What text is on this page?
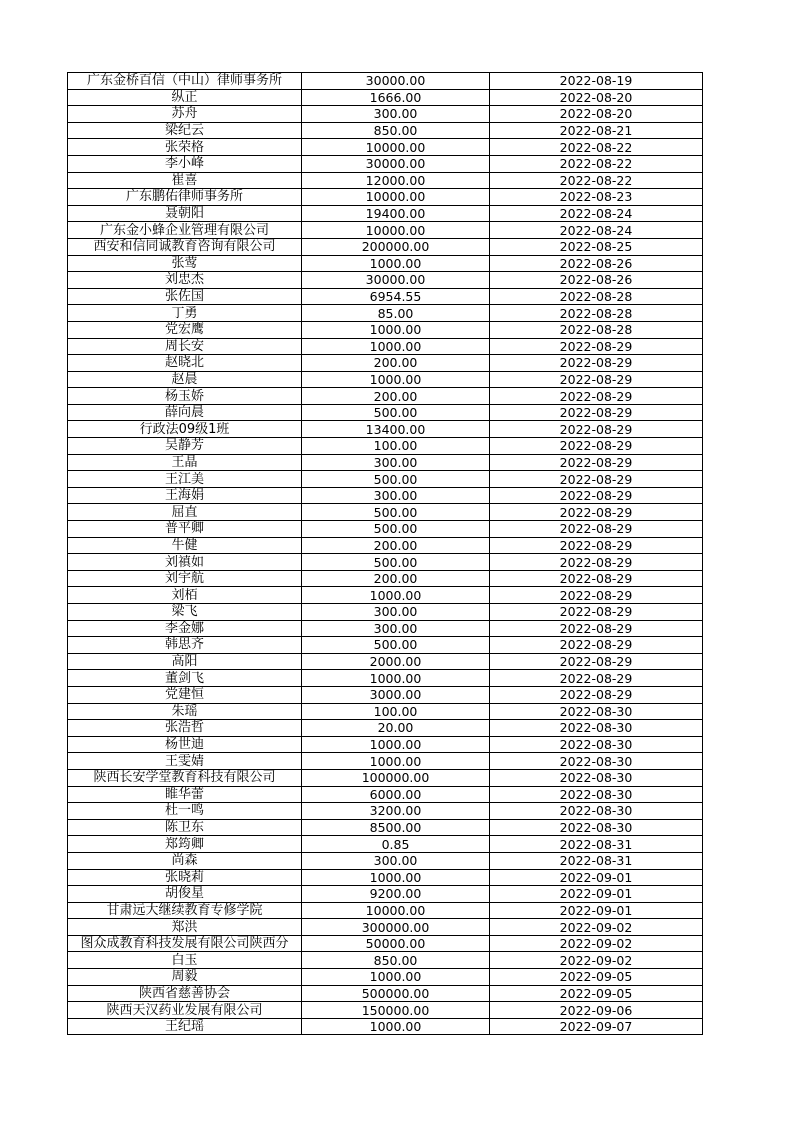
广东金桥百信（中山）律师事务所	30000.00	2022-08-19
纵正	1666.00	2022-08-20
苏舟	300.00	2022-08-20
梁纪云	850.00	2022-08-21
张荣格	10000.00	2022-08-22
李小峰	30000.00	2022-08-22
崔喜	12000.00	2022-08-22
广东鹏佑律师事务所	10000.00	2022-08-23
聂朝阳	19400.00	2022-08-24
广东金小蜂企业管理有限公司	10000.00	2022-08-24
西安和信同诚教育咨询有限公司	200000.00	2022-08-25
张莺	1000.00	2022-08-26
刘忠杰	30000.00	2022-08-26
张佐国	6954.55	2022-08-28
丁勇	85.00	2022-08-28
党宏鹰	1000.00	2022-08-28
周长安	1000.00	2022-08-29
赵晓北	200.00	2022-08-29
赵晨	1000.00	2022-08-29
杨玉娇	200.00	2022-08-29
薛向晨	500.00	2022-08-29
行政法09级1班	13400.00	2022-08-29
吴静芳	100.00	2022-08-29
王晶	300.00	2022-08-29
王江美	500.00	2022-08-29
王海娟	300.00	2022-08-29
屈直	500.00	2022-08-29
普平卿	500.00	2022-08-29
牛健	200.00	2022-08-29
刘禛如	500.00	2022-08-29
刘宇航	200.00	2022-08-29
刘栢	1000.00	2022-08-29
梁飞	300.00	2022-08-29
李金娜	300.00	2022-08-29
韩思齐	500.00	2022-08-29
高阳	2000.00	2022-08-29
董剑飞	1000.00	2022-08-29
党建恒	3000.00	2022-08-29
朱瑶	100.00	2022-08-30
张浩哲	20.00	2022-08-30
杨世迪	1000.00	2022-08-30
王雯婧	1000.00	2022-08-30
陕西长安学堂教育科技有限公司	100000.00	2022-08-30
睢华蕾	6000.00	2022-08-30
杜一鸣	3200.00	2022-08-30
陈卫东	8500.00	2022-08-30
郑筠卿	0.85	2022-08-31
尚森	300.00	2022-08-31
张晓莉	1000.00	2022-09-01
胡俊星	9200.00	2022-09-01
甘肃远大继续教育专修学院	10000.00	2022-09-01
郑洪	300000.00	2022-09-02
图众成教育科技发展有限公司陕西分	50000.00	2022-09-02
白玉	850.00	2022-09-02
周毅	1000.00	2022-09-05
陕西省慈善协会	500000.00	2022-09-05
陕西天汉药业发展有限公司	150000.00	2022-09-06
王纪瑶	1000.00	2022-09-07
